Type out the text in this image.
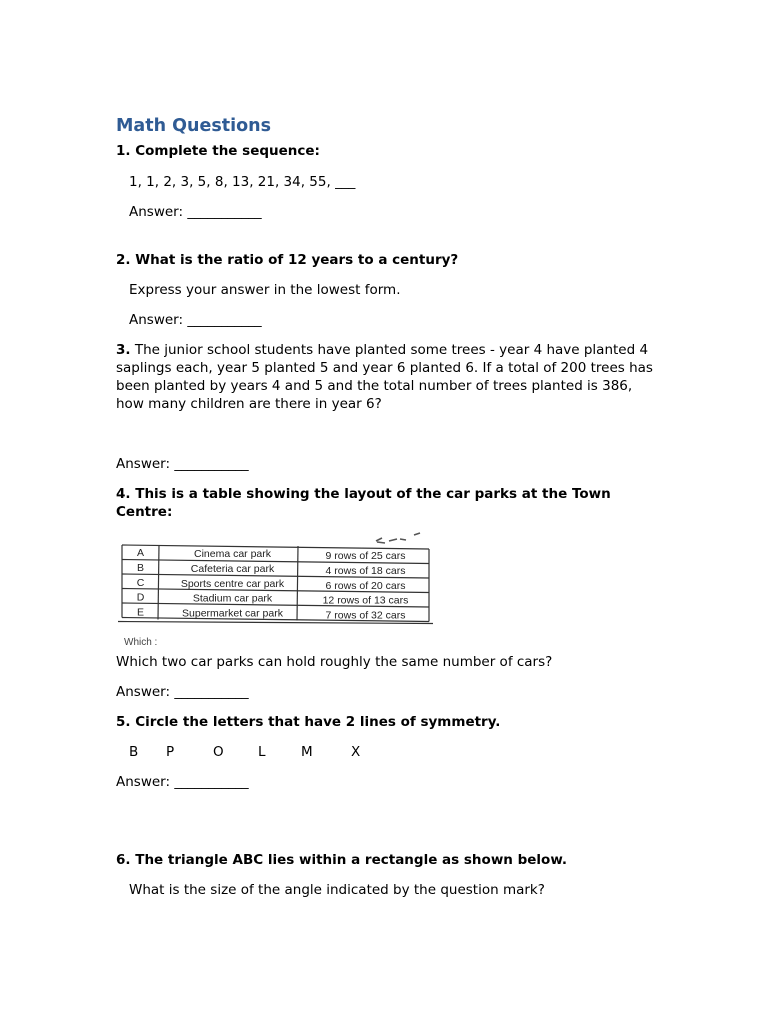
Math Questions

1. Complete the sequence:

1, 1, 2, 3, 5, 8, 13, 21, 34, 55, ___

Answer: ___________

2. What is the ratio of 12 years to a century?

Express your answer in the lowest form.

Answer: ___________

3. The junior school students have planted some trees - year 4 have planted 4 saplings each, year 5 planted 5 and year 6 planted 6. If a total of 200 trees has been planted by years 4 and 5 and the total number of trees planted is 386, how many children are there in year 6?

Answer: ___________

4. This is a table showing the layout of the car parks at the Town Centre:

A	Cinema car park	9 rows of 25 cars
B	Cafeteria car park	4 rows of 18 cars
C	Sports centre car park	6 rows of 20 cars
D	Stadium car park	12 rows of 13 cars
E	Supermarket car park	7 rows of 32 cars
Which :

Which two car parks can hold roughly the same number of cars?

Answer: ___________

5. Circle the letters that have 2 lines of symmetry.

B	P	O	L	M	X

Answer: ___________

6. The triangle ABC lies within a rectangle as shown below.

What is the size of the angle indicated by the question mark?
